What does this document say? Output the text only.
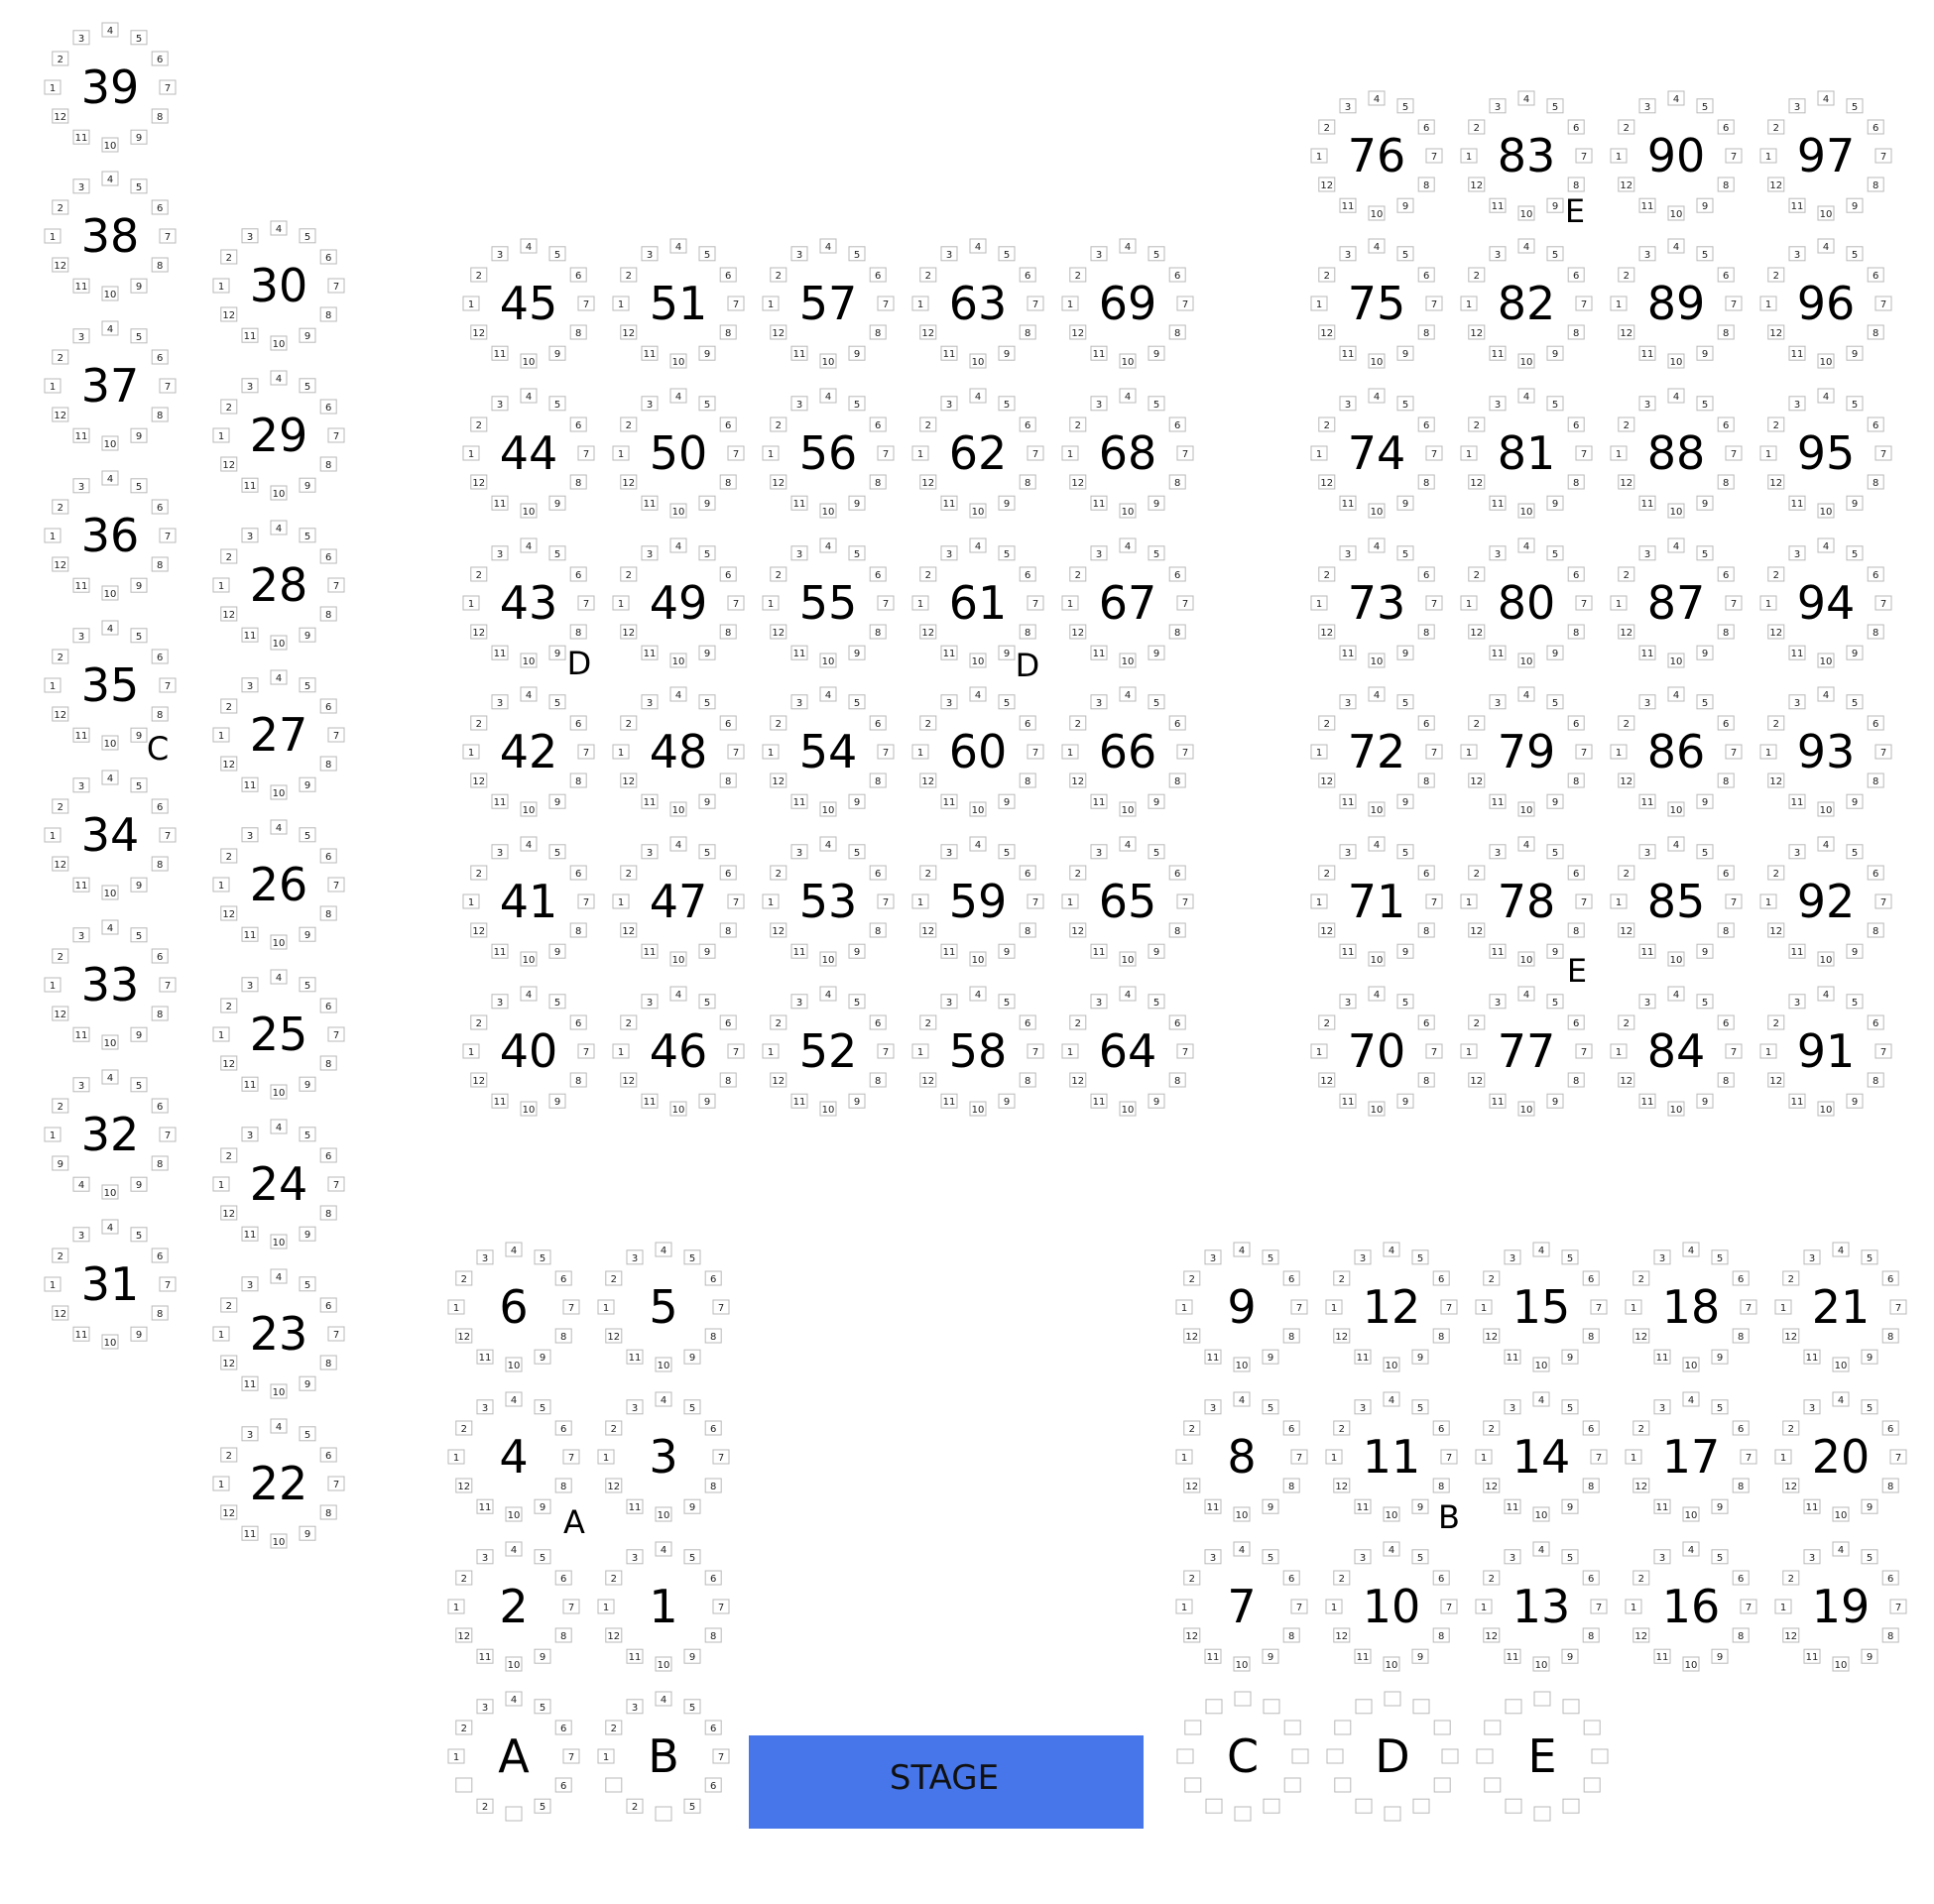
1
2
3
4
5
6
7
8
9
10
11
12
39
1
2
3
4
5
6
7
8
9
10
11
12
38
1
2
3
4
5
6
7
8
9
10
11
12
37
1
2
3
4
5
6
7
8
9
10
11
12
36
1
2
3
4
5
6
7
8
9
10
11
12
35
1
2
3
4
5
6
7
8
9
10
11
12
34
1
2
3
4
5
6
7
8
9
10
11
12
33
1
2
3
4
5
6
7
8
9
10
4
9
32
1
2
3
4
5
6
7
8
9
10
11
12
31
1
2
3
4
5
6
7
8
9
10
11
12
30
1
2
3
4
5
6
7
8
9
10
11
12
29
1
2
3
4
5
6
7
8
9
10
11
12
28
1
2
3
4
5
6
7
8
9
10
11
12
27
1
2
3
4
5
6
7
8
9
10
11
12
26
1
2
3
4
5
6
7
8
9
10
11
12
25
1
2
3
4
5
6
7
8
9
10
11
12
24
1
2
3
4
5
6
7
8
9
10
11
12
23
1
2
3
4
5
6
7
8
9
10
11
12
22
1
2
3
4
5
6
7
8
9
10
11
12
45
1
2
3
4
5
6
7
8
9
10
11
12
44
1
2
3
4
5
6
7
8
9
10
11
12
43
1
2
3
4
5
6
7
8
9
10
11
12
42
1
2
3
4
5
6
7
8
9
10
11
12
41
1
2
3
4
5
6
7
8
9
10
11
12
40
1
2
3
4
5
6
7
8
9
10
11
12
51
1
2
3
4
5
6
7
8
9
10
11
12
50
1
2
3
4
5
6
7
8
9
10
11
12
49
1
2
3
4
5
6
7
8
9
10
11
12
48
1
2
3
4
5
6
7
8
9
10
11
12
47
1
2
3
4
5
6
7
8
9
10
11
12
46
1
2
3
4
5
6
7
8
9
10
11
12
57
1
2
3
4
5
6
7
8
9
10
11
12
56
1
2
3
4
5
6
7
8
9
10
11
12
55
1
2
3
4
5
6
7
8
9
10
11
12
54
1
2
3
4
5
6
7
8
9
10
11
12
53
1
2
3
4
5
6
7
8
9
10
11
12
52
1
2
3
4
5
6
7
8
9
10
11
12
63
1
2
3
4
5
6
7
8
9
10
11
12
62
1
2
3
4
5
6
7
8
9
10
11
12
61
1
2
3
4
5
6
7
8
9
10
11
12
60
1
2
3
4
5
6
7
8
9
10
11
12
59
1
2
3
4
5
6
7
8
9
10
11
12
58
1
2
3
4
5
6
7
8
9
10
11
12
69
1
2
3
4
5
6
7
8
9
10
11
12
68
1
2
3
4
5
6
7
8
9
10
11
12
67
1
2
3
4
5
6
7
8
9
10
11
12
66
1
2
3
4
5
6
7
8
9
10
11
12
65
1
2
3
4
5
6
7
8
9
10
11
12
64
1
2
3
4
5
6
7
8
9
10
11
12
76
1
2
3
4
5
6
7
8
9
10
11
12
75
1
2
3
4
5
6
7
8
9
10
11
12
74
1
2
3
4
5
6
7
8
9
10
11
12
73
1
2
3
4
5
6
7
8
9
10
11
12
72
1
2
3
4
5
6
7
8
9
10
11
12
71
1
2
3
4
5
6
7
8
9
10
11
12
70
1
2
3
4
5
6
7
8
9
10
11
12
83
1
2
3
4
5
6
7
8
9
10
11
12
82
1
2
3
4
5
6
7
8
9
10
11
12
81
1
2
3
4
5
6
7
8
9
10
11
12
80
1
2
3
4
5
6
7
8
9
10
11
12
79
1
2
3
4
5
6
7
8
9
10
11
12
78
1
2
3
4
5
6
7
8
9
10
11
12
77
1
2
3
4
5
6
7
8
9
10
11
12
90
1
2
3
4
5
6
7
8
9
10
11
12
89
1
2
3
4
5
6
7
8
9
10
11
12
88
1
2
3
4
5
6
7
8
9
10
11
12
87
1
2
3
4
5
6
7
8
9
10
11
12
86
1
2
3
4
5
6
7
8
9
10
11
12
85
1
2
3
4
5
6
7
8
9
10
11
12
84
1
2
3
4
5
6
7
8
9
10
11
12
97
1
2
3
4
5
6
7
8
9
10
11
12
96
1
2
3
4
5
6
7
8
9
10
11
12
95
1
2
3
4
5
6
7
8
9
10
11
12
94
1
2
3
4
5
6
7
8
9
10
11
12
93
1
2
3
4
5
6
7
8
9
10
11
12
92
1
2
3
4
5
6
7
8
9
10
11
12
91
1
2
3
4
5
6
7
8
9
10
11
12
6	1
2
3
4
5
6
7
8
9
10
11
12
5
1
2
3
4
5
6
7
8
9
10
11
12
4	1
2
3
4
5
6
7
8
9
10
11
12
3
1
2
3
4
5
6
7
8
9
10
11
12
2	1
2
3
4
5
6
7
8
9
10
11
12
1
1
2
3
4
5
6
7
6
5
2
A	1
2
3
4
5
6
7
6
5
2
B
1
2
3
4
5
6
7
8
9
10
11
12
9
1
2
3
4
5
6
7
8
9
10
11
12
8
1
2
3
4
5
6
7
8
9
10
11
12
7
1
2
3
4
5
6
7
8
9
10
11
12
12
1
2
3
4
5
6
7
8
9
10
11
12
11
1
2
3
4
5
6
7
8
9
10
11
12
10
1
2
3
4
5
6
7
8
9
10
11
12
15
1
2
3
4
5
6
7
8
9
10
11
12
14
1
2
3
4
5
6
7
8
9
10
11
12
13
1
2
3
4
5
6
7
8
9
10
11
12
18
1
2
3
4
5
6
7
8
9
10
11
12
17
1
2
3
4
5
6
7
8
9
10
11
12
16
1
2
3
4
5
6
7
8
9
10
11
12
21
1
2
3
4
5
6
7
8
9
10
11
12
20
1
2
3
4
5
6
7
8
9
10
11
12
19
C	D	E
A	B
C
D	D
E
E
STAGE
